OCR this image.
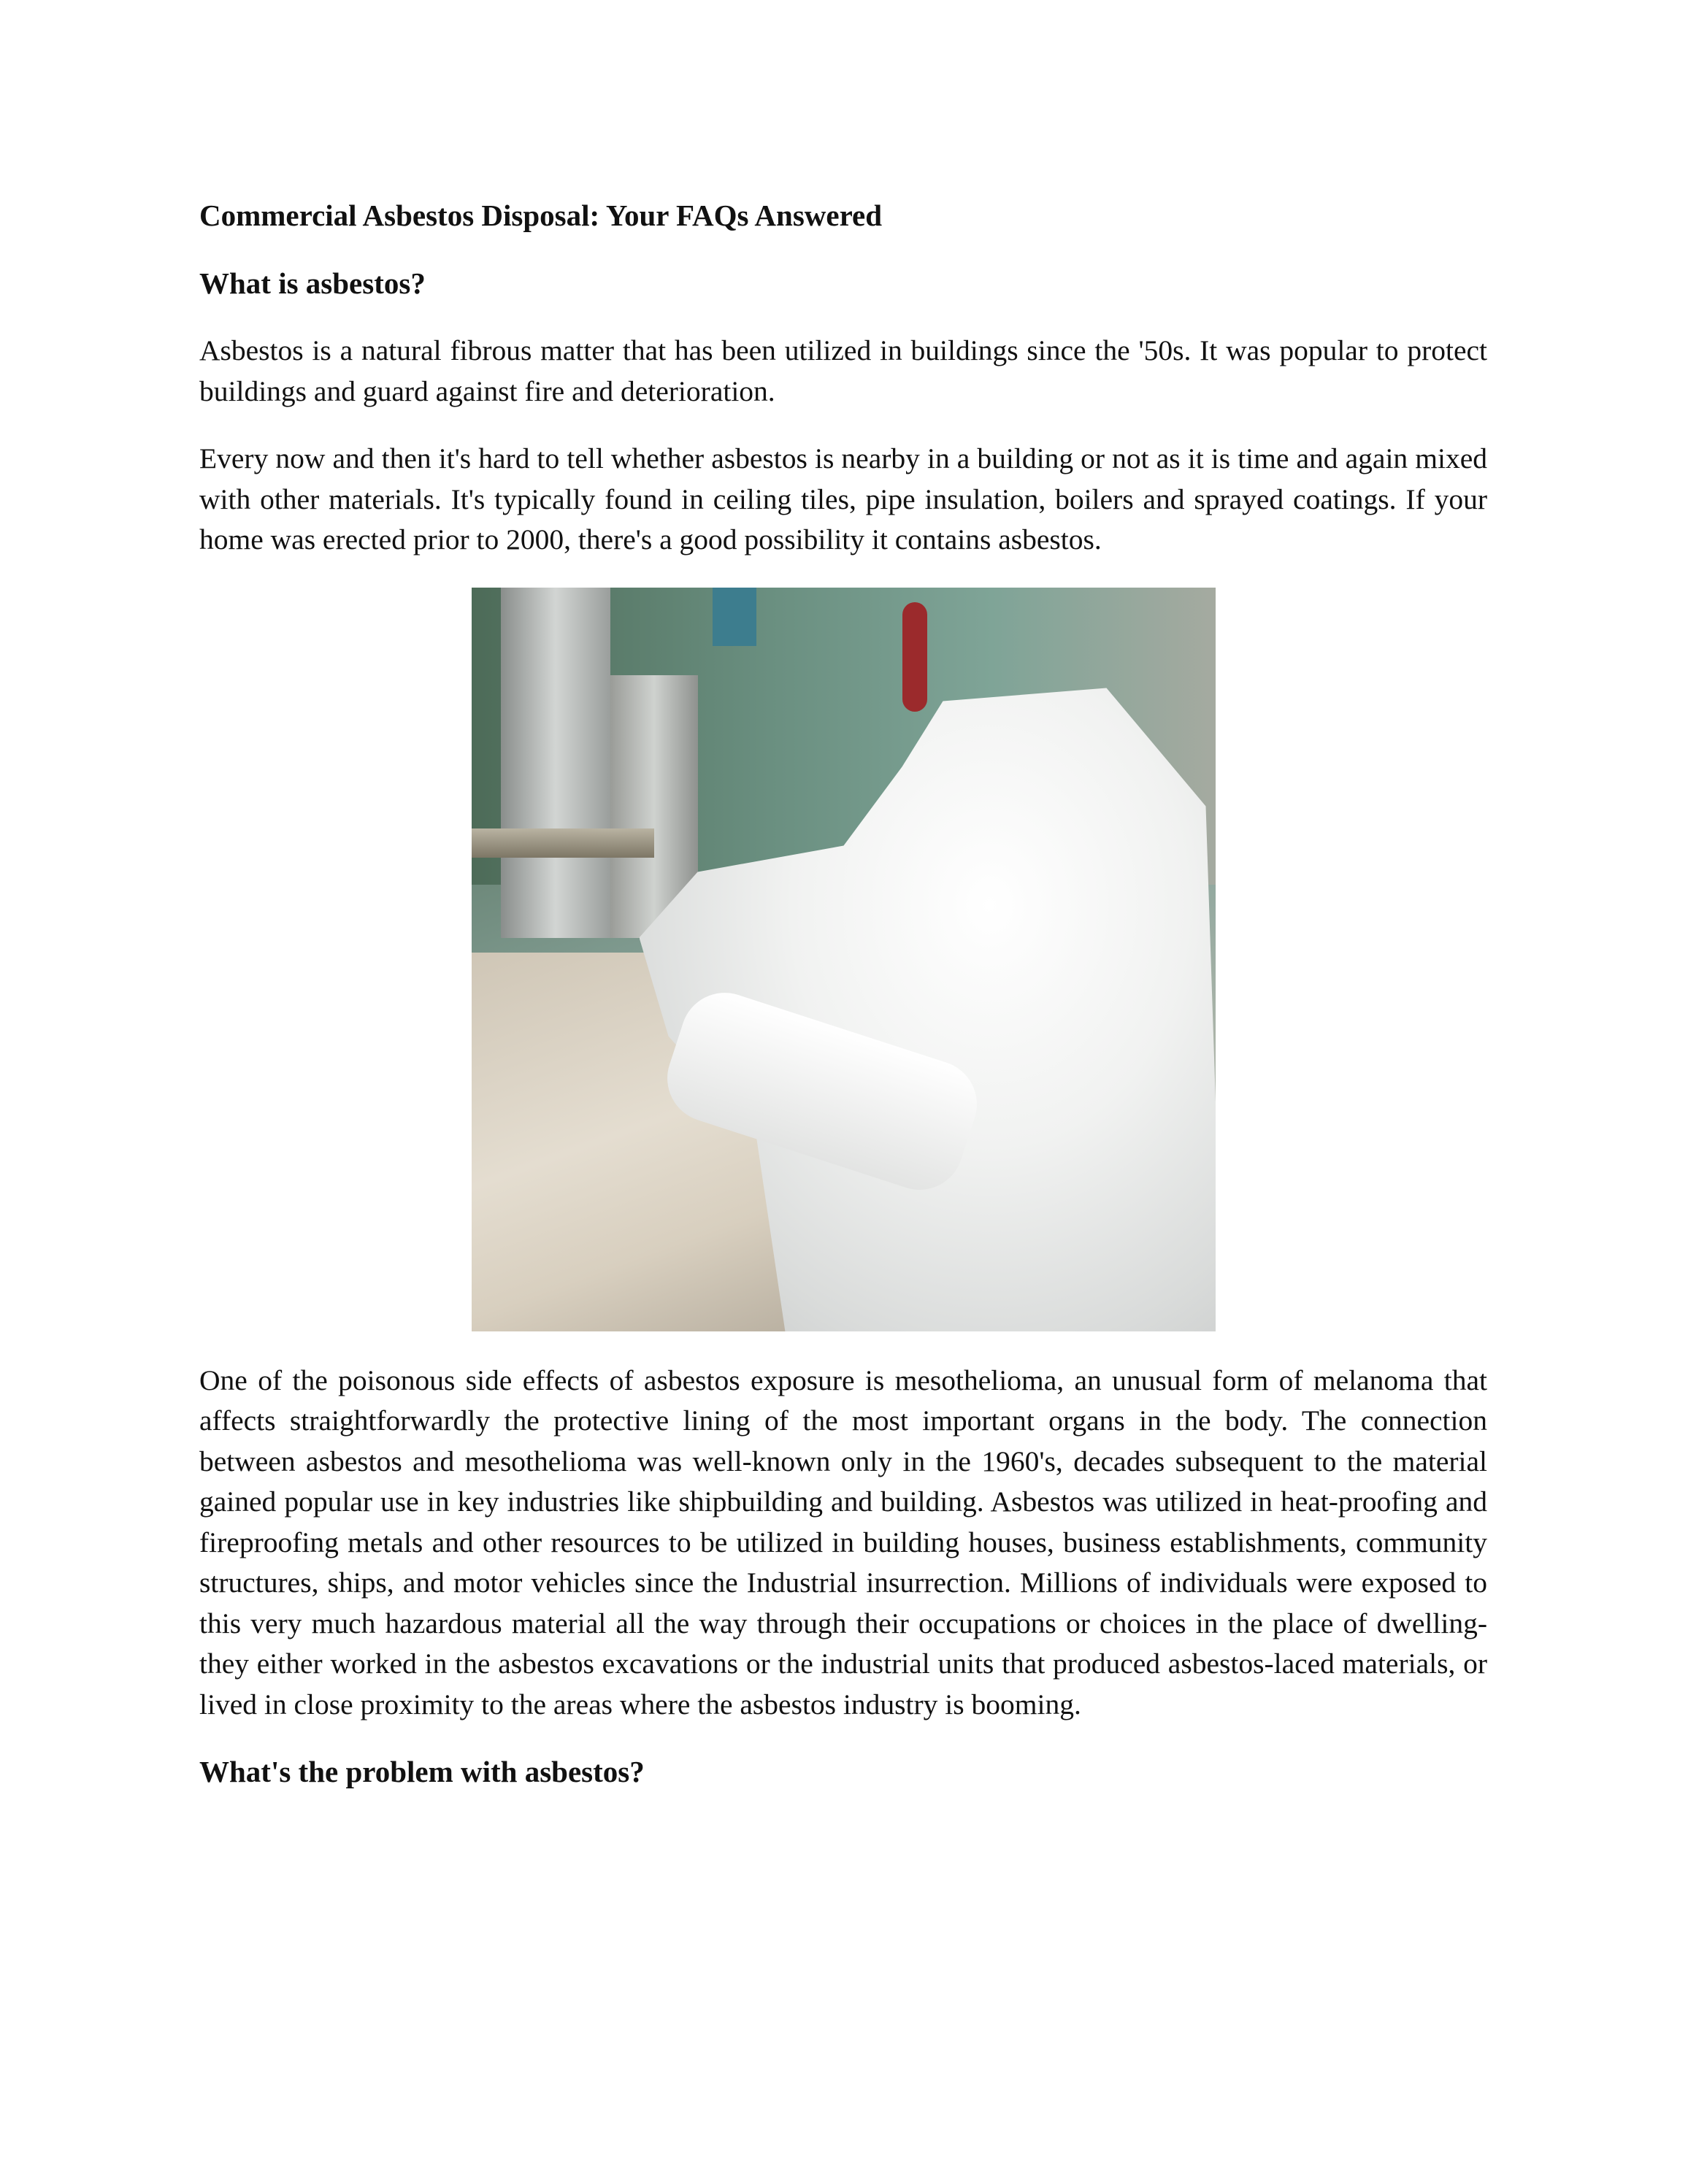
Commercial Asbestos Disposal: Your FAQs Answered

What is asbestos?

Asbestos is a natural fibrous matter that has been utilized in buildings since the '50s. It was popular to protect buildings and guard against fire and deterioration.

Every now and then it's hard to tell whether asbestos is nearby in a building or not as it is time and again mixed with other materials. It's typically found in ceiling tiles, pipe insulation, boilers and sprayed coatings. If your home was erected prior to 2000, there's a good possibility it contains asbestos.

One of the poisonous side effects of asbestos exposure is mesothelioma, an unusual form of melanoma that affects straightforwardly the protective lining of the most important organs in the body. The connection between asbestos and mesothelioma was well-known only in the 1960's, decades subsequent to the material gained popular use in key industries like shipbuilding and building. Asbestos was utilized in heat-proofing and fireproofing metals and other resources to be utilized in building houses, business establishments, community structures, ships, and motor vehicles since the Industrial insurrection. Millions of individuals were exposed to this very much hazardous material all the way through their occupations or choices in the place of dwelling-they either worked in the asbestos excavations or the industrial units that produced asbestos-laced materials, or lived in close proximity to the areas where the asbestos industry is booming.

What's the problem with asbestos?
